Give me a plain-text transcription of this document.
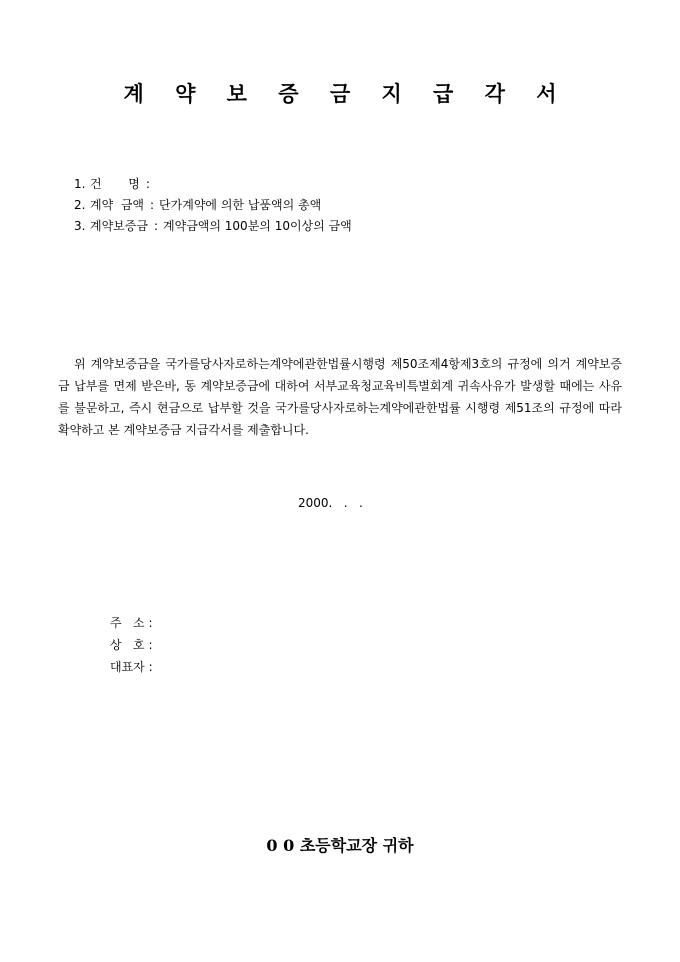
계 약 보 증 금 지 급 각 서
1. 건       명 :
2. 계약  금액 : 단가계약에 의한 납품액의 총액
3. 계약보증금 : 계약금액의 100분의 10이상의 금액
위 계약보증금을 국가를당사자로하는계약에관한법률시행령 제50조제4항제3호의 규정에 의거 계약보증금 납부를 면제 받은바, 동 계약보증금에 대하여 서부교육청교육비특별회계 귀속사유가 발생할 때에는 사유를 불문하고, 즉시 현금으로 납부할 것을 국가를당사자로하는계약에관한법률 시행령 제51조의 규정에 따라 확약하고 본 계약보증금 지급각서를 제출합니다.
2000.   .   .
주   소 :
상   호 :
대표자 :
0 0 초등학교장 귀하
